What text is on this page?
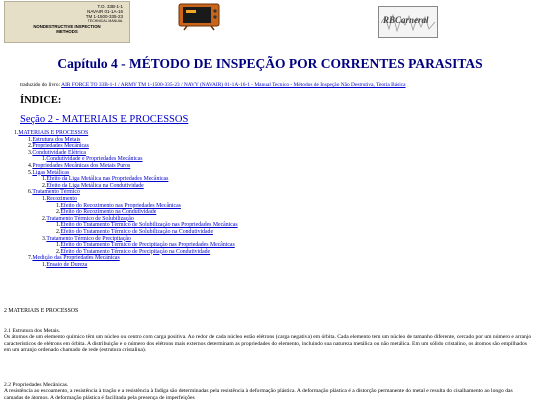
T.O. 33B-1-1
NAVAIR 01-1A-16
TM 1-1500-335-23
TECHNICAL MANUAL
NONDESTRUCTIVE INSPECTION
METHODS
RBCarneral
Capítulo 4 - MÉTODO DE INSPEÇÃO POR CORRENTES PARASITAS
traduzido do livro: AIR FORCE TO 33B-1-1 / ARMY TM 1-1500-335-23 / NAVY (NAVAIR) 01-1A-16-1 - Manual Tecnico - Métodos de Inspeção Não Destrutiva, Teoria Básica
ÍNDICE:
Seção 2 - MATERIAIS E PROCESSOS
1.MATERIAIS E PROCESSOS
1.Estrutura dos Metais
2.Propriedades Mecânicas
3.Condutividade Elétrica
1.Condutividade e Propriedades Mecânicas
4.Propriedades Mecânicas dos Metais Puros
5.Ligas Metálicas
1.Efeito da Liga Metálica nas Propriedades Mecânicas
2.Efeito da Liga Metálica na Condutividade
6.Tratamento Térmico
1.Recozimento
1.Efeito do Recozimento nas Propriedades Mecânicas
2.Efeito do Recozimento na Condutividade
2.Tratamento Térmico de Solubilização
1.Efeito do Tratamento Térmico de Solubilização nas Propriedades Mecânicas
2.Efeito do Tratamento Térmico de Solubilização na Condutividade
3.Tratamento Térmico de Precipitação
1.Efeito do Tratamento Térmico de Precipitação nas Propriedades Mecânicas
2.Efeito do Tratamento Térmico de Precipitação na Condutividade
7.Medição das Propriedades Mecânicas
1.Ensaio de Dureza
2 MATERIAIS E PROCESSOS
2.1 Estrutura dos Metais.
Os átomos de um elemento químico têm um núcleo ou centro com carga positiva. Ao redor de cada núcleo estão elétrons (carga negativa) em órbita. Cada elemento tem um núcleo de tamanho diferente, cercado por um número e arranjo característicos de elétrons em órbita. A distribuição e o número dos elétrons mais externos determinam as propriedades do elemento, incluindo sua natureza metálica ou não metálica. Em um sólido cristalino, os átomos são empilhados em um arranjo ordenado chamado de rede (estrutura cristalina).
2.2 Propriedades Mecânicas.
A resistência ao escoamento, a resistência à tração e a resistência à fadiga são determinadas pela resistência à deformação plástica. A deformação plástica é a distorção permanente do metal e resulta do cisalhamento ao longo das camadas de átomos. A deformação plástica é facilitada pela presença de imperfeições
